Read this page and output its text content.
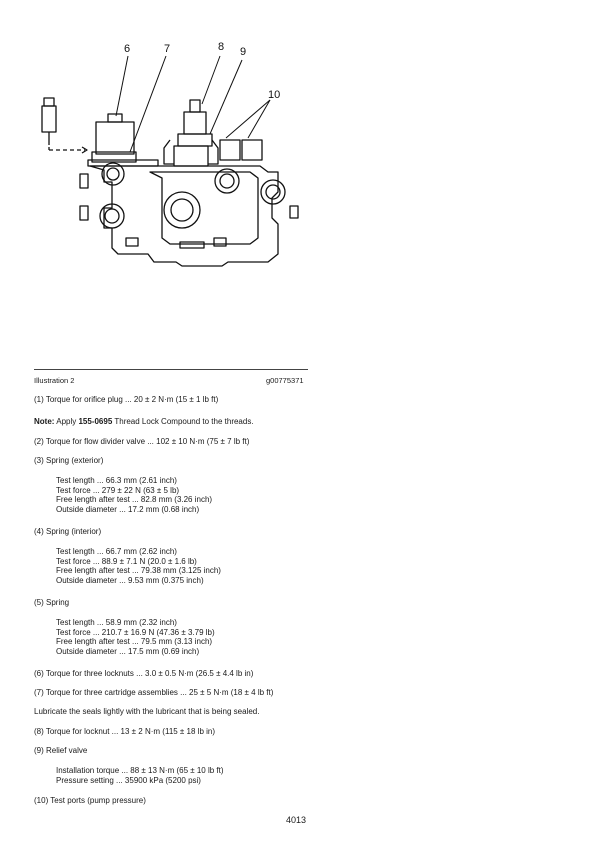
6	7	8 9
10
Illustration 2	g00775371
(1) Torque for orifice plug ... 20 ± 2 N·m (15 ± 1 lb ft)
Note: Apply 155-0695 Thread Lock Compound to the threads.
(2) Torque for flow divider valve ... 102 ± 10 N·m (75 ± 7 lb ft)
(3) Spring (exterior)
Test length ... 66.3 mm (2.61 inch)
Test force ... 279 ± 22 N (63 ± 5 lb)
Free length after test ... 82.8 mm (3.26 inch)
Outside diameter ... 17.2 mm (0.68 inch)
(4) Spring (interior)
Test length ... 66.7 mm (2.62 inch)
Test force ... 88.9 ± 7.1 N (20.0 ± 1.6 lb)
Free length after test ... 79.38 mm (3.125 inch)
Outside diameter ... 9.53 mm (0.375 inch)
(5) Spring
Test length ... 58.9 mm (2.32 inch)
Test force ... 210.7 ± 16.9 N (47.36 ± 3.79 lb)
Free length after test ... 79.5 mm (3.13 inch)
Outside diameter ... 17.5 mm (0.69 inch)
(6) Torque for three locknuts ... 3.0 ± 0.5 N·m (26.5 ± 4.4 lb in)
(7) Torque for three cartridge assemblies ... 25 ± 5 N·m (18 ± 4 lb ft)
Lubricate the seals lightly with the lubricant that is being sealed.
(8) Torque for locknut ... 13 ± 2 N·m (115 ± 18 lb in)
(9) Relief valve
Installation torque ... 88 ± 13 N·m (65 ± 10 lb ft)
Pressure setting ... 35900 kPa (5200 psi)
(10) Test ports (pump pressure)
4013
